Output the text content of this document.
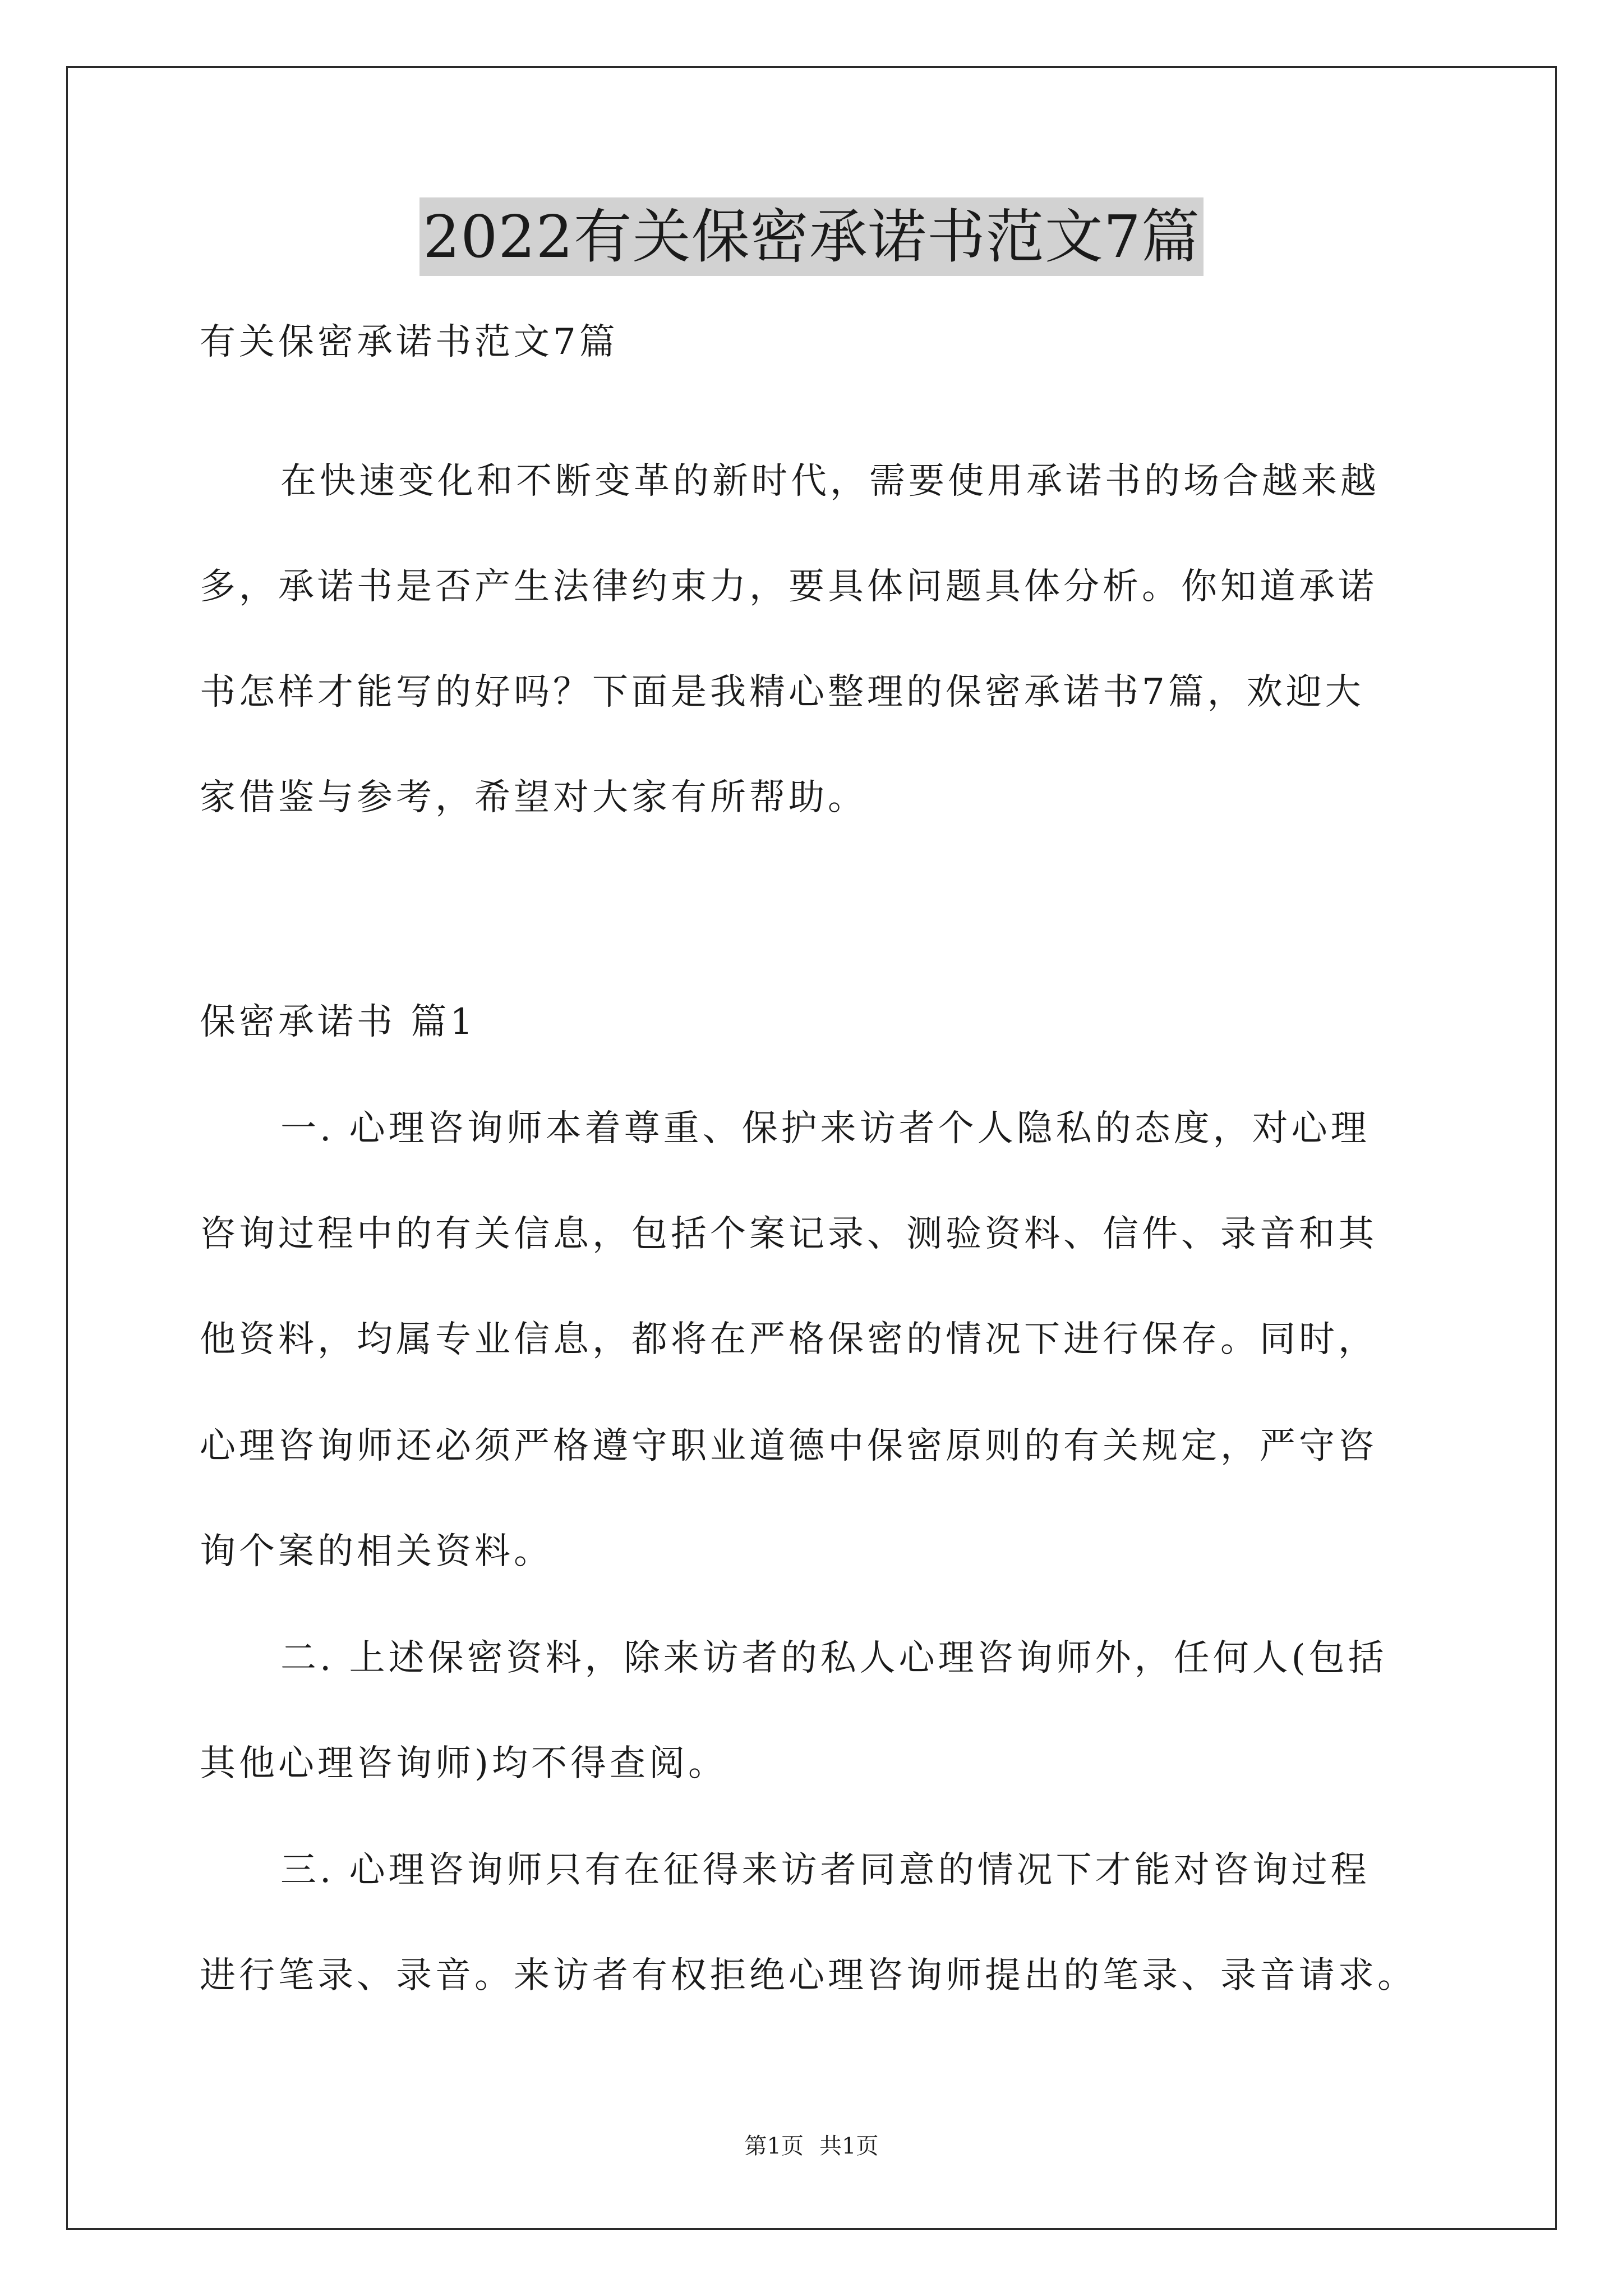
2022有关保密承诺书范文7篇
有关保密承诺书范文7篇
在快速变化和不断变革的新时代，需要使用承诺书的场合越来越
多，承诺书是否产生法律约束力，要具体问题具体分析。你知道承诺
书怎样才能写的好吗？下面是我精心整理的保密承诺书7篇，欢迎大
家借鉴与参考，希望对大家有所帮助。
保密承诺书 篇1
一. 心理咨询师本着尊重、保护来访者个人隐私的态度，对心理
咨询过程中的有关信息，包括个案记录、测验资料、信件、录音和其
他资料，均属专业信息，都将在严格保密的情况下进行保存。同时，
心理咨询师还必须严格遵守职业道德中保密原则的有关规定，严守咨
询个案的相关资料。
二. 上述保密资料，除来访者的私人心理咨询师外，任何人(包括
其他心理咨询师)均不得查阅。
三. 心理咨询师只有在征得来访者同意的情况下才能对咨询过程
进行笔录、录音。来访者有权拒绝心理咨询师提出的笔录、录音请求。
第1页 共1页
